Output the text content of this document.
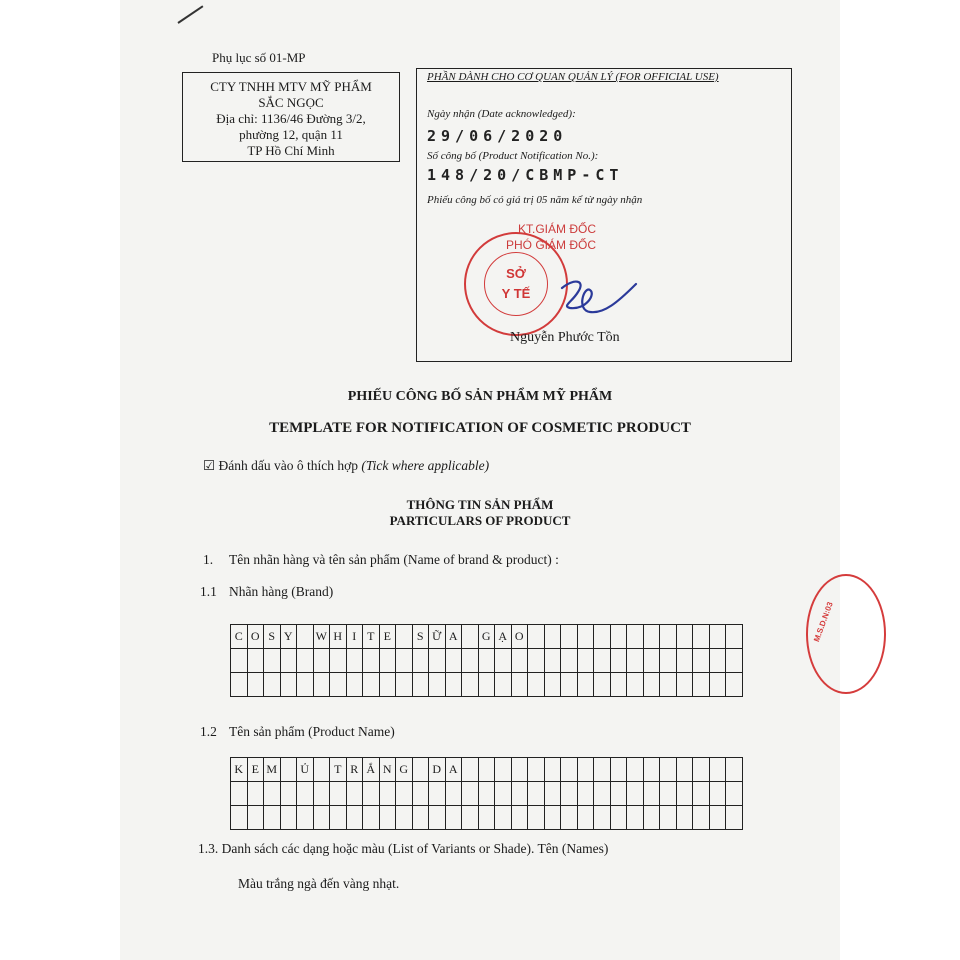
Phụ lục số 01-MP
CTY TNHH MTV MỸ PHẨM
SẮC NGỌC
Địa chỉ: 1136/46 Đường 3/2,
phường 12, quận 11
TP Hồ Chí Minh
PHẦN DÀNH CHO CƠ QUAN QUẢN LÝ (FOR OFFICIAL USE)
Ngày nhận (Date acknowledged):
29/06/2020
Số công bố (Product Notification No.):
148/20/CBMP-CT
Phiếu công bố có giá trị 05 năm kể từ ngày nhận
KT.GIÁM ĐỐC
PHÓ GIÁM ĐỐC
SỞ
Y TẾ
Nguyễn Phước Tồn
PHIẾU CÔNG BỐ SẢN PHẨM MỸ PHẨM
TEMPLATE FOR NOTIFICATION OF COSMETIC PRODUCT
☑ Đánh dấu vào ô thích hợp (Tick where applicable)
THÔNG TIN SẢN PHẨM
PARTICULARS OF PRODUCT
1. Tên nhãn hàng và tên sản phẩm (Name of brand & product) :
1.1 Nhãn hàng (Brand)
C	O	S	Y		W	H	I	T	E		S	Ữ	A		G	Ạ	O													

1.2 Tên sản phẩm (Product Name)
K	E	M		Ủ		T	R	Ắ	N	G		D	A																	

1.3. Danh sách các dạng hoặc màu (List of Variants or Shade). Tên (Names)
Màu trắng ngà đến vàng nhạt.
M.S.D.N:03
